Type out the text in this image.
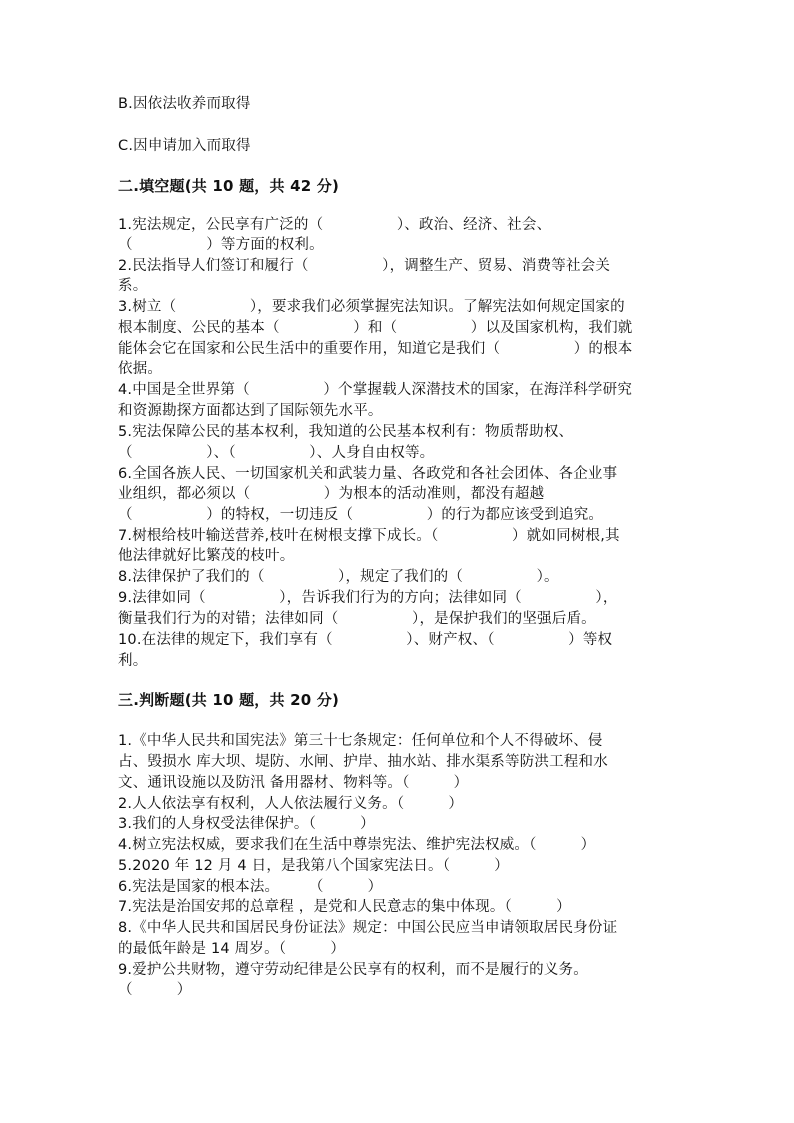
B.因依法收养而取得
C.因申请加入而取得
二.填空题(共 10 题，共 42 分)
1.宪法规定，公民享有广泛的（　　　　　）、政治、经济、社会、
（　　　　　）等方面的权利。
2.民法指导人们签订和履行（　　　　　），调整生产、贸易、消费等社会关
系。
3.树立（　　　　　），要求我们必须掌握宪法知识。了解宪法如何规定国家的
根本制度、公民的基本（　　　　　）和（　　　　　）以及国家机构，我们就
能体会它在国家和公民生活中的重要作用，知道它是我们（　　　　　）的根本
依据。
4.中国是全世界第（　　　　　）个掌握载人深潜技术的国家，在海洋科学研究
和资源勘探方面都达到了国际领先水平。
5.宪法保障公民的基本权利，我知道的公民基本权利有：物质帮助权、
（　　　　　）、（　　　　　）、人身自由权等。
6.全国各族人民、一切国家机关和武装力量、各政党和各社会团体、各企业事
业组织，都必须以（　　　　　）为根本的活动准则，都没有超越
（　　　　　）的特权，一切违反（　　　　　）的行为都应该受到追究。
7.树根给枝叶输送营养,枝叶在树根支撑下成长。（　　　　　）就如同树根,其
他法律就好比繁茂的枝叶。
8.法律保护了我们的（　　　　　），规定了我们的（　　　　　）。
9.法律如同（　　　　　），告诉我们行为的方向；法律如同（　　　　　），
衡量我们行为的对错；法律如同（　　　　　），是保护我们的坚强后盾。
10.在法律的规定下，我们享有（　　　　　）、财产权、（　　　　　）等权
利。
三.判断题(共 10 题，共 20 分)
1.《中华人民共和国宪法》第三十七条规定：任何单位和个人不得破坏、侵
占、毁损水 库大坝、堤防、水闸、护岸、抽水站、排水渠系等防洪工程和水
文、通讯设施以及防汛 备用器材、物料等。（　　　）
2.人人依法享有权利，人人依法履行义务。（　　　）
3.我们的人身权受法律保护。（　　　）
4.树立宪法权威，要求我们在生活中尊崇宪法、维护宪法权威。（　　　）
5.2020 年 12 月 4 日，是我第八个国家宪法日。（　　　）
6.宪法是国家的根本法。　　　（　　　）
7.宪法是治国安邦的总章程 ，是党和人民意志的集中体现。（　　　）
8.《中华人民共和国居民身份证法》规定：中国公民应当申请领取居民身份证
的最低年龄是 14 周岁。（　　　）
9.爱护公共财物，遵守劳动纪律是公民享有的权利，而不是履行的义务。
（　　　）
